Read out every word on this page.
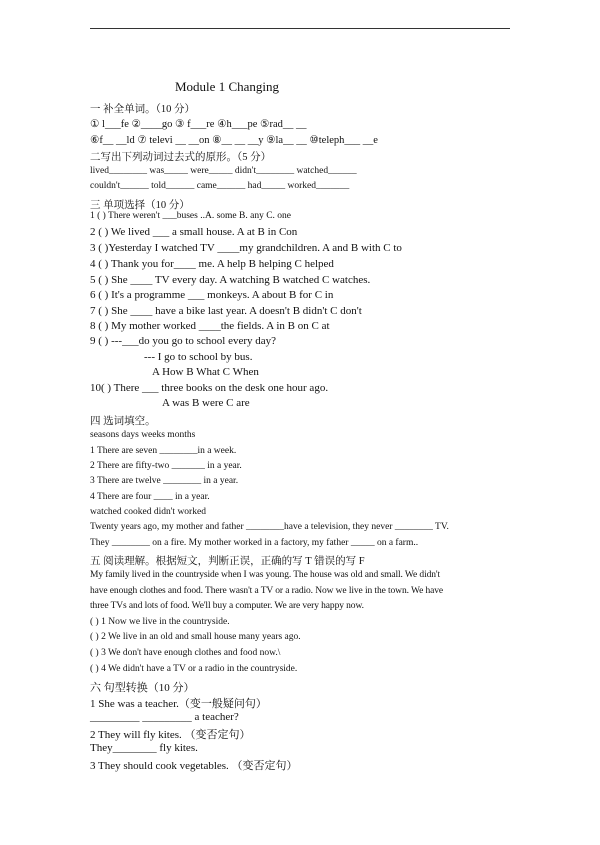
Module 1 Changing
一 补全单词。（10 分）
① l___fe ②____go ③ f___re ④h___pe ⑤rad__ __
⑥f__ __ld ⑦ televi __ __on ⑧__ __ __y ⑨la__ __ ⑩teleph___ __e
二写出下列动词过去式的原形。（5 分）
lived________ was_____ were_____ didn't________ watched______
couldn't______ told______ came______ had_____ worked_______
三 单项选择（10 分）
1 ( ) There weren't ___buses ..A. some B. any C. one
2 ( ) We lived ___ a small house. A at B in Con
3 ( )Yesterday I watched TV ____my grandchildren. A and B with C to
4 ( ) Thank you for____ me. A help B helping C helped
5 ( ) She ____ TV every day. A watching B watched C watches.
6 ( ) It's a programme ___ monkeys. A about B for C in
7 ( ) She ____ have a bike last year. A doesn't B didn't C don't
8 ( ) My mother worked ____the fields. A in B on C at
9 ( ) ---___do you go to school every day?
--- I go to school by bus.
A How B What C When
10( ) There ___ three books on the desk one hour ago.
A was B were C are
四 选词填空。
seasons days weeks months
1 There are seven ________in a week.
2 There are fifty-two _______ in a year.
3 There are twelve ________ in a year.
4 There are four ____ in a year.
watched cooked didn't worked
Twenty years ago, my mother and father ________have a television, they never ________ TV.
They ________ on a fire. My mother worked in a factory, my father _____ on a farm..
五 阅读理解。根据短文，判断正误，正确的写 T 错误的写 F
My family lived in the countryside when I was young. The house was old and small. We didn't
have enough clothes and food. There wasn't a TV or a radio. Now we live in the town. We have
three TVs and lots of food. We'll buy a computer. We are very happy now.
( ) 1 Now we live in the countryside.
( ) 2 We live in an old and small house many years ago.
( ) 3 We don't have enough clothes and food now.\
( ) 4 We didn't have a TV or a radio in the countryside.
六 句型转换（10 分）
1 She was a teacher.（变一般疑问句）
_________ _________ a teacher?
2 They will fly kites. （变否定句）
They________ fly kites.
3 They should cook vegetables. （变否定句）
